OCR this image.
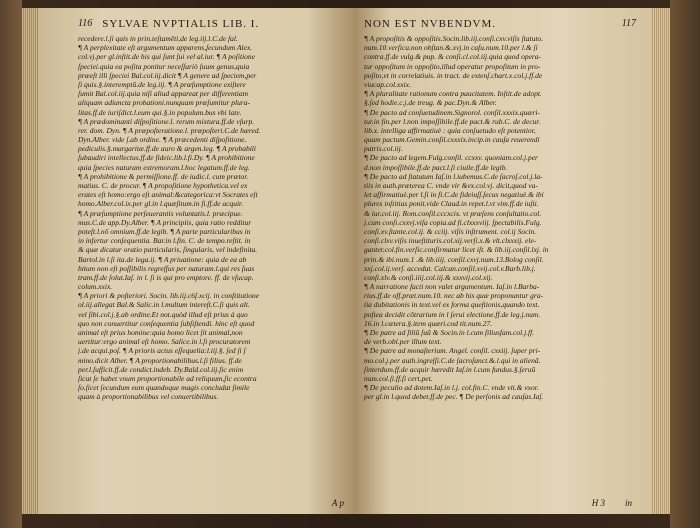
116 SYLVAE NVPTIALIS LIB. I.
recedere.l.ſi quis in prin.teſtamẽti,de leg.iij.l.C.de fal.
¶ A perplexitate eſt argumentum apparens,ſecundum Alex.
col.vj.per gl.inſtit.de his qui ſunt ſui vel al.iur. ¶ A poſitione
ſpeciei.quia ea poſita ponitur neceſſariò ſuum genus,quia
præeſt illi ſpeciei Bal.col.iij.dicit ¶ A genere ad ſpeciem,per
ſi quis.§.interemptũ.de leg.iij. ¶ A præſumptione exiſtere
ſumit Bal.col.iij.quia niſi aliud appareat per differentiam
aliquam adiuncta probationi.nunquam præſumitur plura-
litas.ff.de iuriſdict.l.eum qui.§.in populum.bus vbi late.
¶ A prædominanti diſpoſitione.l. rerum mixtura.ff.de vſurp.
rer. dom. Dyn. ¶ A præpoſteratione.l. præpoſteri.C.de hæred.
Dyn.Alber. vide ſ.ab ordine. ¶ A præcedenti diſpoſitione.
pediculis.§.margaritæ.ff.de auro & argen.leg. ¶ A probabili
ſubaudiri intellectus.ff.de fideic.lib.l.fi.Dy. ¶ A prohibitione
quia ſpecies naturam extremorum.l.hoc legatum.ff.de leg.
¶ A prohibitione & permiſſione.ff. de iudic.l. cum prætor.
matius. C. de procur. ¶ A propoſitione hypothetica.vel ex
erates eſt homo:ergo eſt animal:&categorica:vt Socrates eſt
homo.Alber.col.ix.per gl.in l.quæſitum.in fi.ff.de acquir.
¶ A præſumptione perſeuerantis voluntatis.l. præcipue.
mus.C.de app.Dy.Alber. ¶ A principiis, quia ratio redditur
poteſt.l.nõ omnium.ff.de legib. ¶ A parte particularibus in
in infertur conſequentia. Bar.in l.fin. C. de tempo.reſtit. in
& quæ dicatur oratio particularis, ſingularis, vel indefinita.
Bartol.in l.ſi ita.de lega.ij. ¶ A priuatione: quia de ea ab
bitum non eſt poſſibilis regreſſus per naturam.l.qui res ſuas
tram.ff.de ſolut.Iaſ. in l. ſi is qui pro emptore. ff. de vſucap.
colum.xxix.
¶ A priori & poſteriori. Socin. lib.iij.c6ſ.xcij. in conſtitutione
ol.iij.allegat Bal.& Salic.in l.multum intereſt.C.ſi quis alt.
vel ſibi.col.j.§.ab ordine.Et not.quòd illud eſt prius à quo
quo non conuertitur conſequentia ſubſiſtendi. hinc eſt quod
animal eſt prius homine:quia homo licet ſit animal,non
uertitur:ergo animal eſt homo. Salice.in l.ſi procuratorem
j.de acqui.poſ. ¶ A prioris actus eſſequelia:l.iij.§. ſed ſi ſ
mino.dicit Alber. ¶ A proportionabilibus.l.ſi filius. ff.de
per.l.ſufficit.ff.de condict.indeb. Dy.Bald.col.iij.ſic enim
ſicut ſe habet vnum proportionabile ad reliquum,ſic econtra
ſo.ſicet ſecundum eum quandoque magis concludat ſimile
quam à proportionabilibus vel conuertibilibus.
A p
NON EST NVBENDVM.	117
¶ A propoſitis & oppoſitis.Socin.lib.iij.conſi.cxv.viſis ſtatuto.
num.10.verſicu.non obſtan.&.xvj.in caſu.num.10.per l.& ſi
contra.ff.de vulg.& pup. & conſi.cl.col.iij.quia quod opera-
tur oppoſitum in oppoſito,illud operatur propoſitum in pro-
poſito,vt in correlatiuis. in tract. de extenſ.chart.x.col.j.ff.de
viucap.col.xxix.
¶ A pluralitate rationum contra paucitatem. Inſtit.de adopt.
§.ſed hodie.c.j.de treug. & pac.Dyn.& Alber.
¶ De pacto ad conſuetudinem.Signorol. conſil.xxxix.quæri-
tur.in fin.per l.non impoſſibile.ff.de pact.& rub.C. de decur.
lib.x. intelliga affirmatiuè : quia conſuetudo eſt potentior,
quam pactum.Gemin.conſil.cxxxix.incip.in cauſa reuerendi
patris.col.iij.
¶ De pacto ad legem.Fulg.conſil. ccxxv. quoniam.col.j.per
d.non impoſſibile.ff.de pact.l.ſi ciuile.ff.de legib.
¶ De pacto ad ſtatutum Iaſ.in l.iubemus.C.de ſacroſ.col.j.la-
tiis in auth.præterea C. vnde vir &vx.col.vj. dicit,quod va-
let affirmatiuè.per l.ſi in fi.C.de fideiuſſ.ſecus negatiuè.& ibi
plures inſtitias ponit.vide Claud.in repet.l.vt vim.ff.de iuſti.
& iur.col.iij. Rom.conſil.cccxcix. vt præſens conſultatio.col.
j.cum conſi.cxxvj.viſa copia.ad fi.clxxxviij. ſpectabilis.Fulg.
conſi.xv.ſtante.col.ij. & cciij. viſis inſtrument. col.ij Socin.
conſi.clxv.viſis inueſtituris.col.xij.verſi.x.& vlt.clxxxij. ele-
ganter.col.fin.verſic.conſirmatur licet iſt. & lib.iij.conſil.lxj. in
prin.& ibi.num.1 .& lib.iiij. conſil.cxvj.num.13.Bolog conſil.
xxj.col.ij.verſ. accedat. Calcan.conſil.xvij.col.v.Barb.lib.j.
conſi.xlv.& conſi.iiij.col.iij.& xxxvij.col.xij.
¶ A narratione facti non valet argumentum. Iaſ.in l.Barba-
rius.ff.de off.præt.num.10. nec ab his quæ proponuntur gra-
tia dubitationis in text.vel ex forma queſtionis,quando text.
poſtea decidit cõtrarium in l ſerui electione.ff.de leg.j.num.
16.in l.cætera.§.item quæri.cod tit.num.27.
¶ De patre ad filiũ ſuũ & Socin.in l.cum filiusfam.col.j.ff.
de verb.obl.per illum text.
¶ De patre ad monaſterium. Angel. conſil. cxxiij. ſuper pri-
mo.col.j.per auth.ingreſſi.C.de ſacroſanct.&.l.qui in alienã.
ſinterdum.ff.de acquir hæredit Iaſ.in l.cum fundus.§.ſeruũ
num.col.ſi.ff.ſi cert.pet.
¶ De peculio ad dotem.Iaſ.in l.j. col.fin.C. vnde vit.& vxor.
per gl.in l.quod debet.ff.de pec. ¶ De perſonis ad cauſas.Iaſ.
H 3 in
